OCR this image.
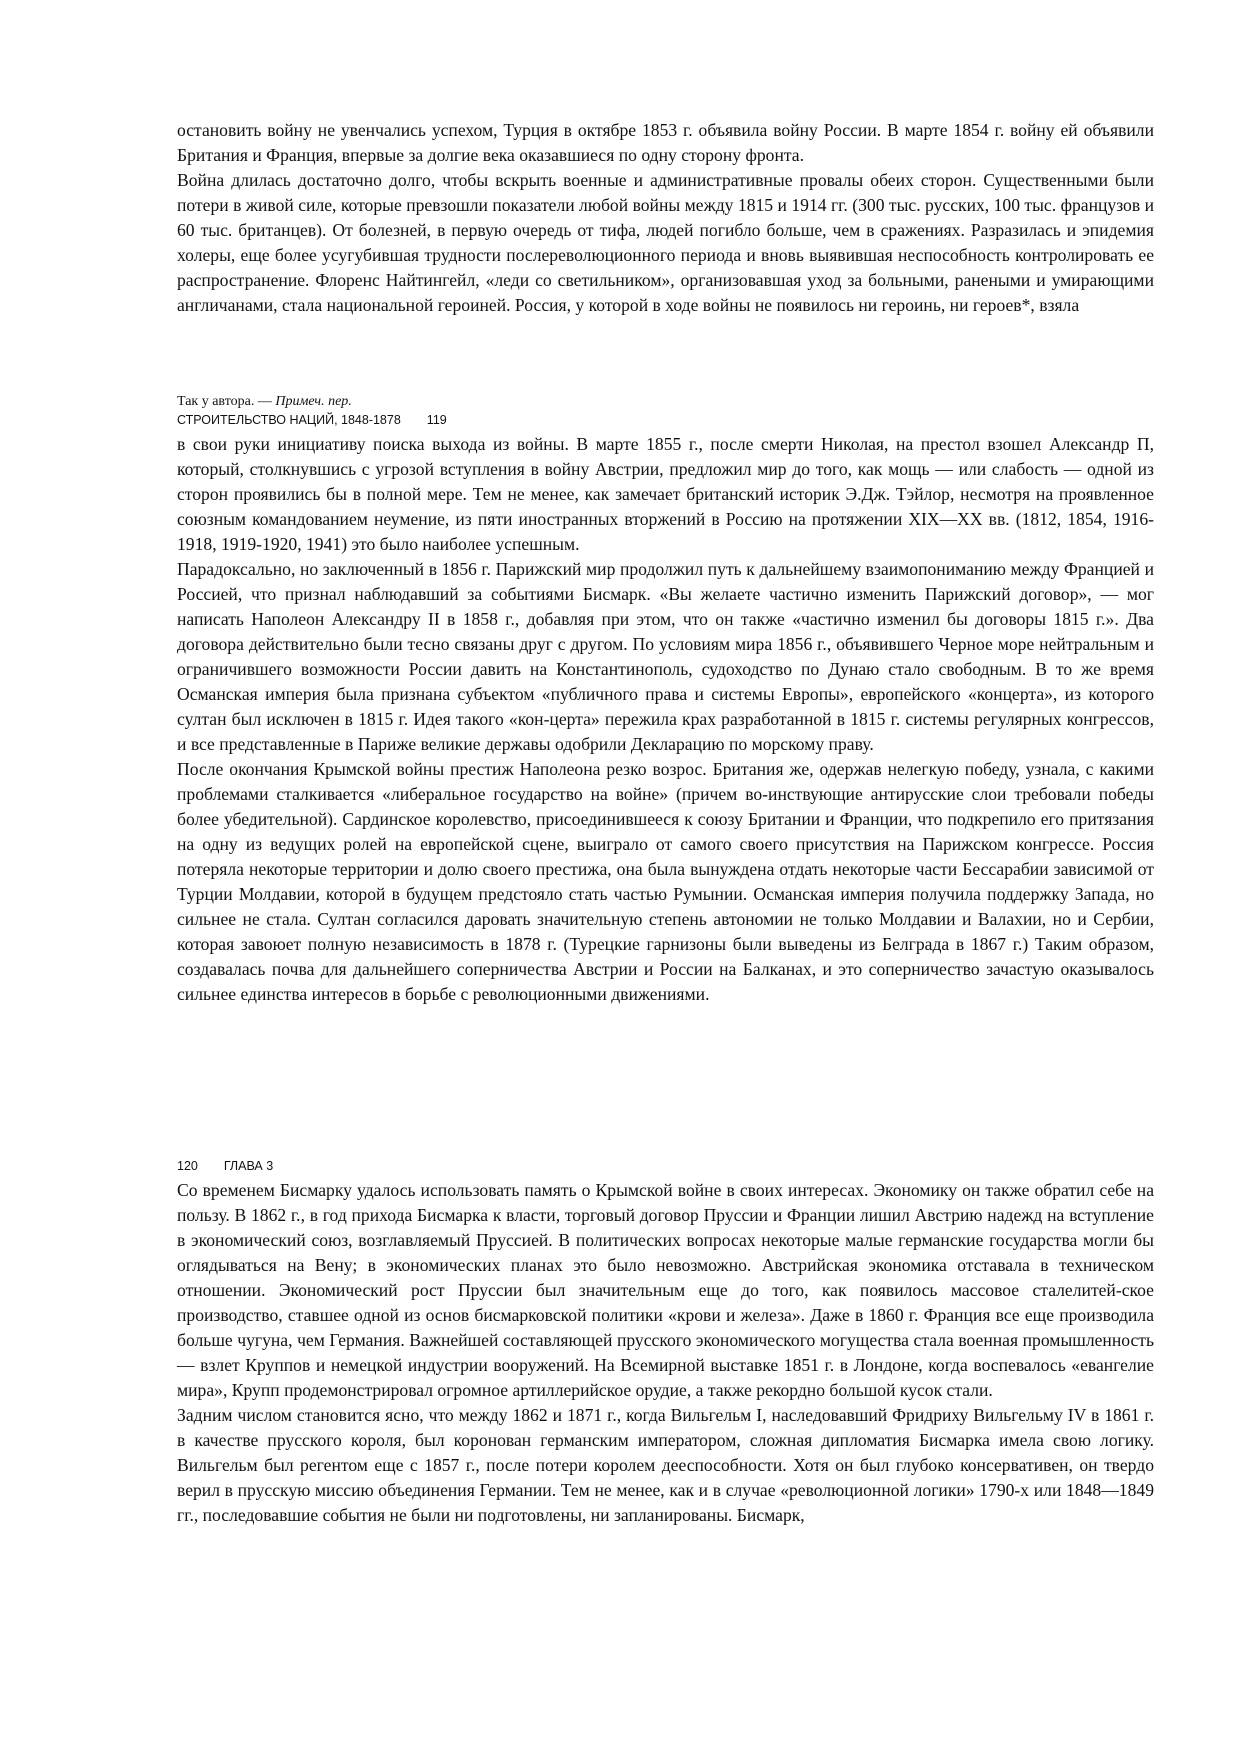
остановить войну не увенчались успехом, Турция в октябре 1853 г. объявила войну России. В марте 1854 г. войну ей объявили Британия и Франция, впервые за долгие века оказавшиеся по одну сторону фронта.

Война длилась достаточно долго, чтобы вскрыть военные и административные провалы обеих сторон. Существенными были потери в живой силе, которые превзошли показатели любой войны между 1815 и 1914 гг. (300 тыс. русских, 100 тыс. французов и 60 тыс. британцев). От болезней, в первую очередь от тифа, людей погибло больше, чем в сражениях. Разразилась и эпидемия холеры, еще более усугубившая трудности послереволюционного периода и вновь выявившая неспособность контролировать ее распространение. Флоренс Найтингейл, «леди со светильником», организовавшая уход за больными, ранеными и умирающими англичанами, стала национальной героиней. Россия, у которой в ходе войны не появилось ни героинь, ни героев*, взяла

Так у автора. — Примеч. пер.

СТРОИТЕЛЬСТВО НАЦИЙ, 1848-1878 119

в свои руки инициативу поиска выхода из войны. В марте 1855 г., после смерти Николая, на престол взошел Александр П, который, столкнувшись с угрозой вступления в войну Австрии, предложил мир до того, как мощь — или слабость — одной из сторон проявились бы в полной мере. Тем не менее, как замечает британский историк Э.Дж. Тэйлор, несмотря на проявленное союзным командованием неумение, из пяти иностранных вторжений в Россию на протяжении XIX—XX вв. (1812, 1854, 1916-1918, 1919-1920, 1941) это было наиболее успешным.

Парадоксально, но заключенный в 1856 г. Парижский мир продолжил путь к дальнейшему взаимопониманию между Францией и Россией, что признал наблюдавший за событиями Бисмарк. «Вы желаете частично изменить Парижский договор», — мог написать Наполеон Александру II в 1858 г., добавляя при этом, что он также «частично изменил бы договоры 1815 г.». Два договора действительно были тесно связаны друг с другом. По условиям мира 1856 г., объявившего Черное море нейтральным и ограничившего возможности России давить на Константинополь, судоходство по Дунаю стало свободным. В то же время Османская империя была признана субъектом «публичного права и системы Европы», европейского «концерта», из которого султан был исключен в 1815 г. Идея такого «кон-церта» пережила крах разработанной в 1815 г. системы регулярных конгрессов, и все представленные в Париже великие державы одобрили Декларацию по морскому праву.

После окончания Крымской войны престиж Наполеона резко возрос. Британия же, одержав нелегкую победу, узнала, с какими проблемами сталкивается «либеральное государство на войне» (причем во-инствующие антирусские слои требовали победы более убедительной). Сардинское королевство, присоединившееся к союзу Британии и Франции, что подкрепило его притязания на одну из ведущих ролей на европейской сцене, выиграло от самого своего присутствия на Парижском конгрессе. Россия потеряла некоторые территории и долю своего престижа, она была вынуждена отдать некоторые части Бессарабии зависимой от Турции Молдавии, которой в будущем предстояло стать частью Румынии. Османская империя получила поддержку Запада, но сильнее не стала. Султан согласился даровать значительную степень автономии не только Молдавии и Валахии, но и Сербии, которая завоюет полную независимость в 1878 г. (Турецкие гарнизоны были выведены из Белграда в 1867 г.) Таким образом, создавалась почва для дальнейшего соперничества Австрии и России на Балканах, и это соперничество зачастую оказывалось сильнее единства интересов в борьбе с революционными движениями.

120 ГЛАВА 3

Со временем Бисмарку удалось использовать память о Крымской войне в своих интересах. Экономику он также обратил себе на пользу. В 1862 г., в год прихода Бисмарка к власти, торговый договор Пруссии и Франции лишил Австрию надежд на вступление в экономический союз, возглавляемый Пруссией. В политических вопросах некоторые малые германские государства могли бы оглядываться на Вену; в экономических планах это было невозможно. Австрийская экономика отставала в техническом отношении. Экономический рост Пруссии был значительным еще до того, как появилось массовое сталелитей-ское производство, ставшее одной из основ бисмарковской политики «крови и железа». Даже в 1860 г. Франция все еще производила больше чугуна, чем Германия. Важнейшей составляющей прусского экономического могущества стала военная промышленность — взлет Круппов и немецкой индустрии вооружений. На Всемирной выставке 1851 г. в Лондоне, когда воспевалось «евангелие мира», Крупп продемонстрировал огромное артиллерийское орудие, а также рекордно большой кусок стали.

Задним числом становится ясно, что между 1862 и 1871 г., когда Вильгельм I, наследовавший Фридриху Вильгельму IV в 1861 г. в качестве прусского короля, был коронован германским императором, сложная дипломатия Бисмарка имела свою логику. Вильгельм был регентом еще с 1857 г., после потери королем дееспособности. Хотя он был глубоко консервативен, он твердо верил в прусскую миссию объединения Германии. Тем не менее, как и в случае «революционной логики» 1790-х или 1848—1849 гг., последовавшие события не были ни подготовлены, ни запланированы. Бисмарк,
